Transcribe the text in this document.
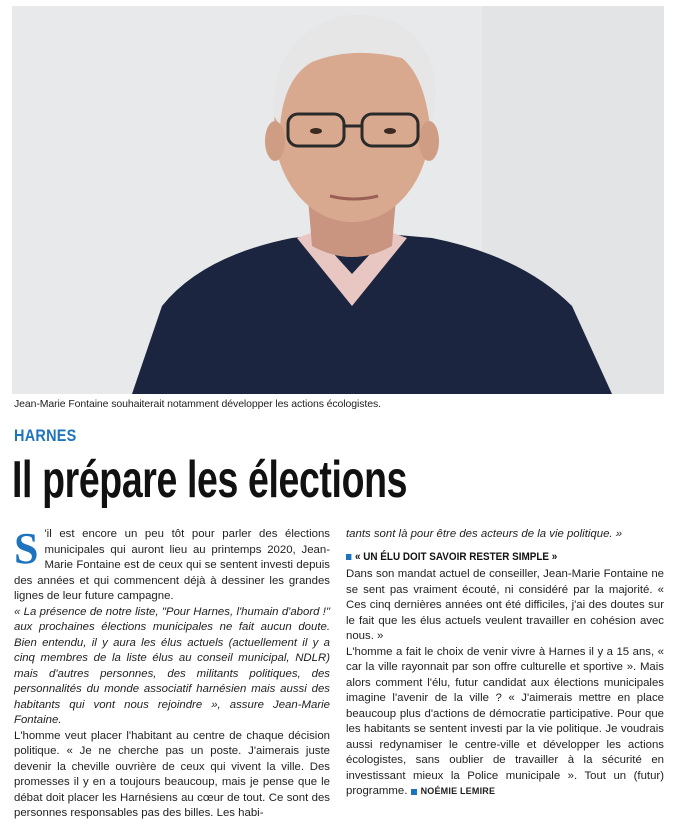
Jean-Marie Fontaine souhaiterait notamment développer les actions écologistes.
HARNES
Il prépare les élections
S 'il est encore un peu tôt pour parler des élections municipales qui auront lieu au printemps 2020, Jean-Marie Fontaine est de ceux qui se sentent investi depuis des années et qui commencent déjà à dessiner les grandes lignes de leur future campagne.

« La présence de notre liste, "Pour Harnes, l'humain d'abord !" aux prochaines élections municipales ne fait aucun doute. Bien entendu, il y aura les élus actuels (actuellement il y a cinq membres de la liste élus au conseil municipal, NDLR) mais d'autres personnes, des militants politiques, des personnalités du monde associatif harnésien mais aussi des habitants qui vont nous rejoindre », assure Jean-Marie Fontaine.

L'homme veut placer l'habitant au centre de chaque décision politique. « Je ne cherche pas un poste. J'aimerais juste devenir la cheville ouvrière de ceux qui vivent la ville. Des promesses il y en a toujours beaucoup, mais je pense que le débat doit placer les Harnésiens au cœur de tout. Ce sont des personnes responsables pas des billes. Les habi-

tants sont là pour être des acteurs de la vie politique. »

« UN ÉLU DOIT SAVOIR RESTER SIMPLE »

Dans son mandat actuel de conseiller, Jean-Marie Fontaine ne se sent pas vraiment écouté, ni considéré par la majorité. « Ces cinq dernières années ont été difficiles, j'ai des doutes sur le fait que les élus actuels veulent travailler en cohésion avec nous. »

L'homme a fait le choix de venir vivre à Harnes il y a 15 ans, « car la ville rayonnait par son offre culturelle et sportive ». Mais alors comment l'élu, futur candidat aux élections municipales imagine l'avenir de la ville ? « J'aimerais mettre en place beaucoup plus d'actions de démocratie participative. Pour que les habitants se sentent investi par la vie politique. Je voudrais aussi redynamiser le centre-ville et développer les actions écologistes, sans oublier de travailler à la sécurité en investissant mieux la Police municipale ». Tout un (futur) programme. NOÉMIE LEMIRE
